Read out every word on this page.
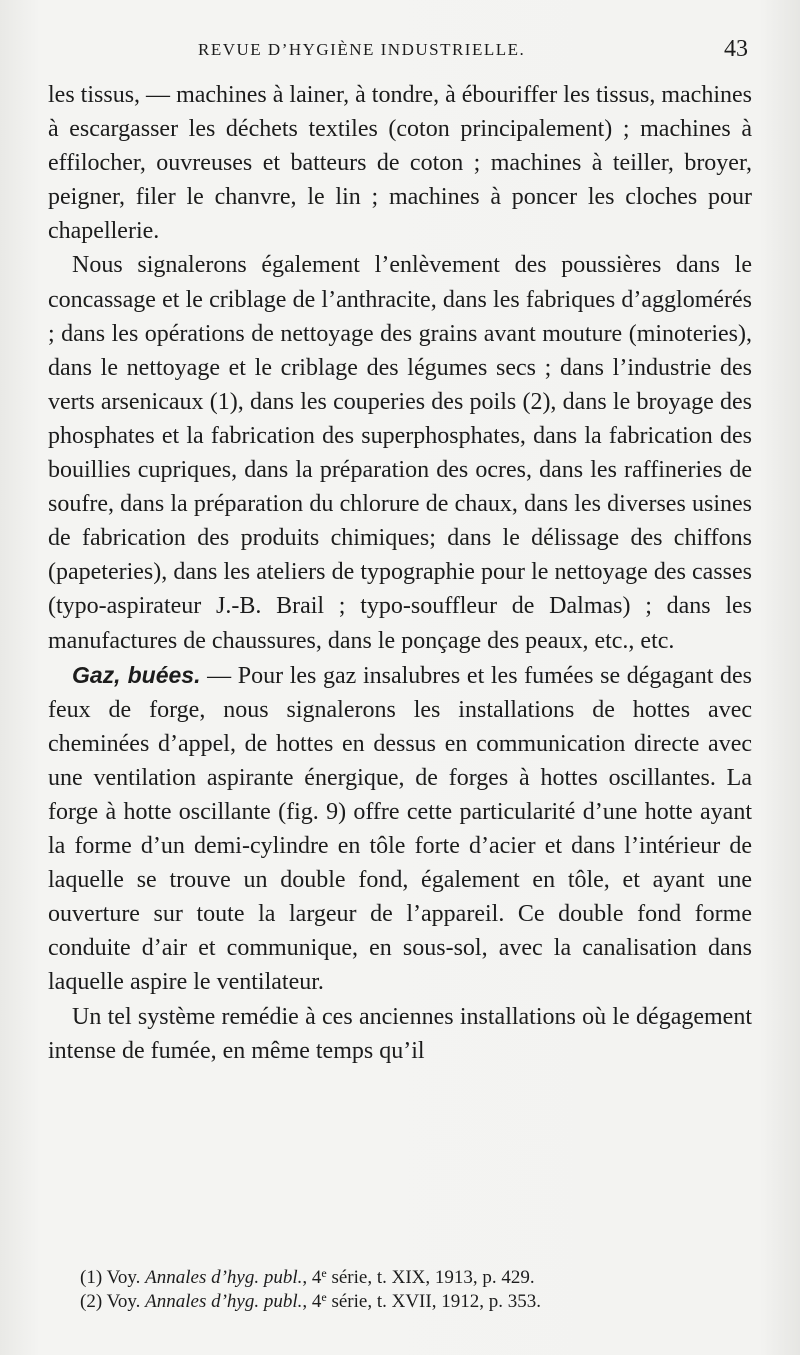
REVUE D’HYGIÈNE INDUSTRIELLE.	43

les tissus, — machines à lainer, à tondre, à ébouriffer les tissus, machines à escargasser les déchets textiles (coton principalement) ; machines à effilocher, ouvreuses et batteurs de coton ; machines à teiller, broyer, peigner, filer le chanvre, le lin ; machines à poncer les cloches pour chapellerie.

Nous signalerons également l’enlèvement des poussières dans le concassage et le criblage de l’anthracite, dans les fabriques d’agglomérés ; dans les opérations de nettoyage des grains avant mouture (minoteries), dans le nettoyage et le criblage des légumes secs ; dans l’industrie des verts arsenicaux (1), dans les couperies des poils (2), dans le broyage des phosphates et la fabrication des superphosphates, dans la fabrication des bouillies cupriques, dans la préparation des ocres, dans les raffineries de soufre, dans la préparation du chlorure de chaux, dans les diverses usines de fabrication des produits chimiques; dans le délissage des chiffons (papeteries), dans les ateliers de typographie pour le nettoyage des casses (typo-aspirateur J.-B. Brail ; typo-souffleur de Dalmas) ; dans les manufactures de chaussures, dans le ponçage des peaux, etc., etc.

Gaz, buées. — Pour les gaz insalubres et les fumées se dégagant des feux de forge, nous signalerons les installations de hottes avec cheminées d’appel, de hottes en dessus en communication directe avec une ventilation aspirante énergique, de forges à hottes oscillantes. La forge à hotte oscillante (fig. 9) offre cette particularité d’une hotte ayant la forme d’un demi-cylindre en tôle forte d’acier et dans l’intérieur de laquelle se trouve un double fond, également en tôle, et ayant une ouverture sur toute la largeur de l’appareil. Ce double fond forme conduite d’air et communique, en sous-sol, avec la canalisation dans laquelle aspire le ventilateur.

Un tel système remédie à ces anciennes installations où le dégagement intense de fumée, en même temps qu’il

(1) Voy. Annales d’hyg. publ., 4e série, t. XIX, 1913, p. 429.

(2) Voy. Annales d’hyg. publ., 4e série, t. XVII, 1912, p. 353.
